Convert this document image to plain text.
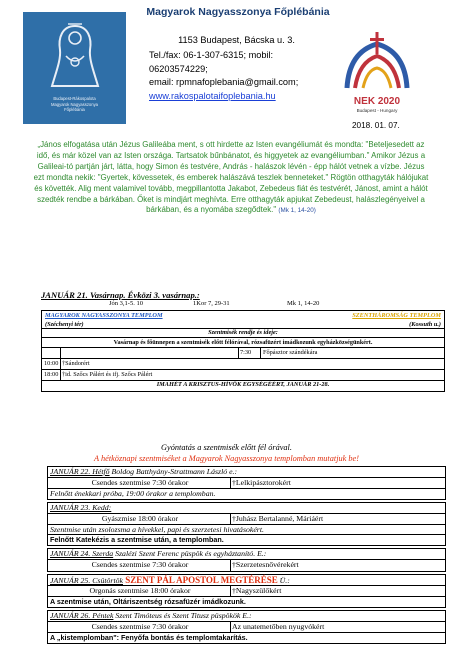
Budapest-Rákospalota
Magyarok Nagyasszonya
Főplébánia
Magyarok Nagyasszonya Főplébánia
1153 Budapest, Bácska u. 3.
Tel./fax: 06-1-307-6315; mobil:
06203574229;
email: rpmnafoplebania@gmail.com;
www.rakospalotaifoplebania.hu
NEK 2020
Budapest - Hungary
2018. 01. 07.
„János elfogatása után Jézus Galileába ment, s ott hirdette az Isten evangéliumát és mondta: "Beteljesedett az idő, és már közel van az Isten országa. Tartsatok bűnbánatot, és higgyetek az evangéliumban." Amikor Jézus a Galileai-tó partján járt, látta, hogy Simon és testvére, András - halászok lévén - épp hálót vetnek a vízbe. Jézus ezt mondta nekik: "Gyertek, kövessetek, és emberek halászává teszlek benneteket." Rögtön otthagyták hálójukat és követték. Alig ment valamivel tovább, megpillantotta Jakabot, Zebedeus fiát és testvérét, Jánost, amint a hálót szedték rendbe a bárkában. Őket is mindjárt meghívta. Erre otthagyták apjukat Zebedeust, halászlegényeivel a bárkában, és a nyomába szegődtek." (Mk 1, 14-20)
JANUÁR 21. Vasárnap. Évközi 3. vasárnap.:
Jón 3,1-5. 10	1Kor 7, 29-31	Mk 1, 14-20
MAGYAROK NAGYASSZONYA TEMPLOM
(Széchenyi tér)
SZENTHÁROMSÁG TEMPLOM
(Kossuth u.)
Szentmisék rendje és ideje:
Vasárnap és főünnepen a szentmisék előtt félórával, rózsafüzért imádkozunk egyházközségünkért.
7:30 Főpásztor szándékára
10:00 †Sándorért
18:00 †id. Szőcs Pálért és ifj. Szőcs Pálért
IMAHÉT A KRISZTUS-HÍVŐK EGYSÉGÉÉRT, JANUÁR 21-28.
Gyóntatás a szentmisék előtt fél órával.
A hétköznapi szentmiséket a Magyarok Nagyasszonya templomban mutatjuk be!
JANUÁR 22. Hétfő Boldog Batthyány-Strattmann László e.:
Csendes szentmise 7:30 órakor	†Lelkipásztorokért
Felnőtt énekkari próba, 19:00 órakor a templomban.
JANUÁR 23. Kedd:
Gyászmise 18:00 órakor	†Juhász Bertalanné, Máriáért
Szentmise után zsolozsma a hívekkel, papi és szerzetesi hivatásokért.
Felnőtt Katekézis a szentmise után, a templomban.
JANUÁR 24. Szerda Szalézi Szent Ferenc püspök és egyháztanító. E.:
Csendes szentmise 7:30 órakor	†Szerzetesnővérekért
JANUÁR 25. Csütörtök SZENT PÁL APOSTOL MEGTÉRÉSE Ü.:
Orgonás szentmise 18:00 órakor	†Nagyszülőkért
A szentmise után, Oltáriszentség rózsafüzér imádkozunk.
JANUÁR 26. Péntek Szent Timóteus és Szent Titusz püspökök E.:
Csendes szentmise 7:30 órakor	Az unatemetőben nyugvókért
A „kistemplomban": Fenyőfa bontás és templomtakarítás.
